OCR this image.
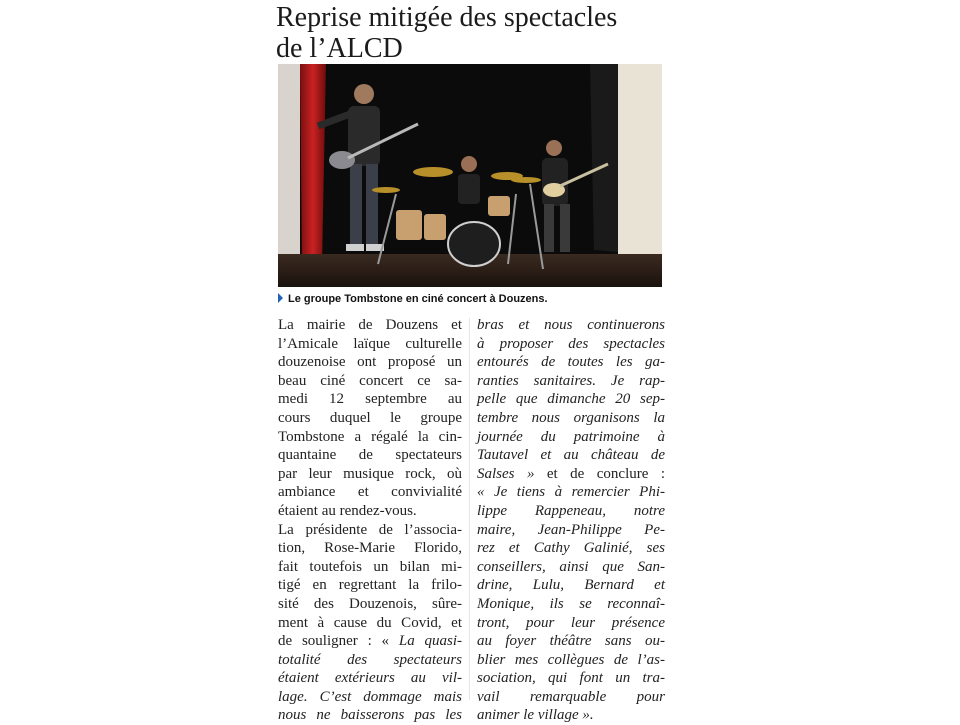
Reprise mitigée des spectacles
de l’ALCD
Le groupe Tombstone en ciné concert à Douzens.
La mairie de Douzens et
l’Amicale laïque culturelle
douzenoise ont proposé un
beau ciné concert ce sa-
medi 12 septembre au
cours duquel le groupe
Tombstone a régalé la cin-
quantaine de spectateurs
par leur musique rock, où
ambiance et convivialité
étaient au rendez-vous.
La présidente de l’associa-
tion, Rose-Marie Florido,
fait toutefois un bilan mi-
tigé en regrettant la frilo-
sité des Douzenois, sûre-
ment à cause du Covid, et
de souligner : « La quasi-
totalité des spectateurs
étaient extérieurs au vil-
lage. C’est dommage mais
nous ne baisserons pas les
bras et nous continuerons
à proposer des spectacles
entourés de toutes les ga-
ranties sanitaires. Je rap-
pelle que dimanche 20 sep-
tembre nous organisons la
journée du patrimoine à
Tautavel et au château de
Salses » et de conclure :
« Je tiens à remercier Phi-
lippe Rappeneau, notre
maire, Jean-Philippe Pe-
rez et Cathy Galinié, ses
conseillers, ainsi que San-
drine, Lulu, Bernard et
Monique, ils se reconnaî-
tront, pour leur présence
au foyer théâtre sans ou-
blier mes collègues de l’as-
sociation, qui font un tra-
vail remarquable pour
animer le village ».
